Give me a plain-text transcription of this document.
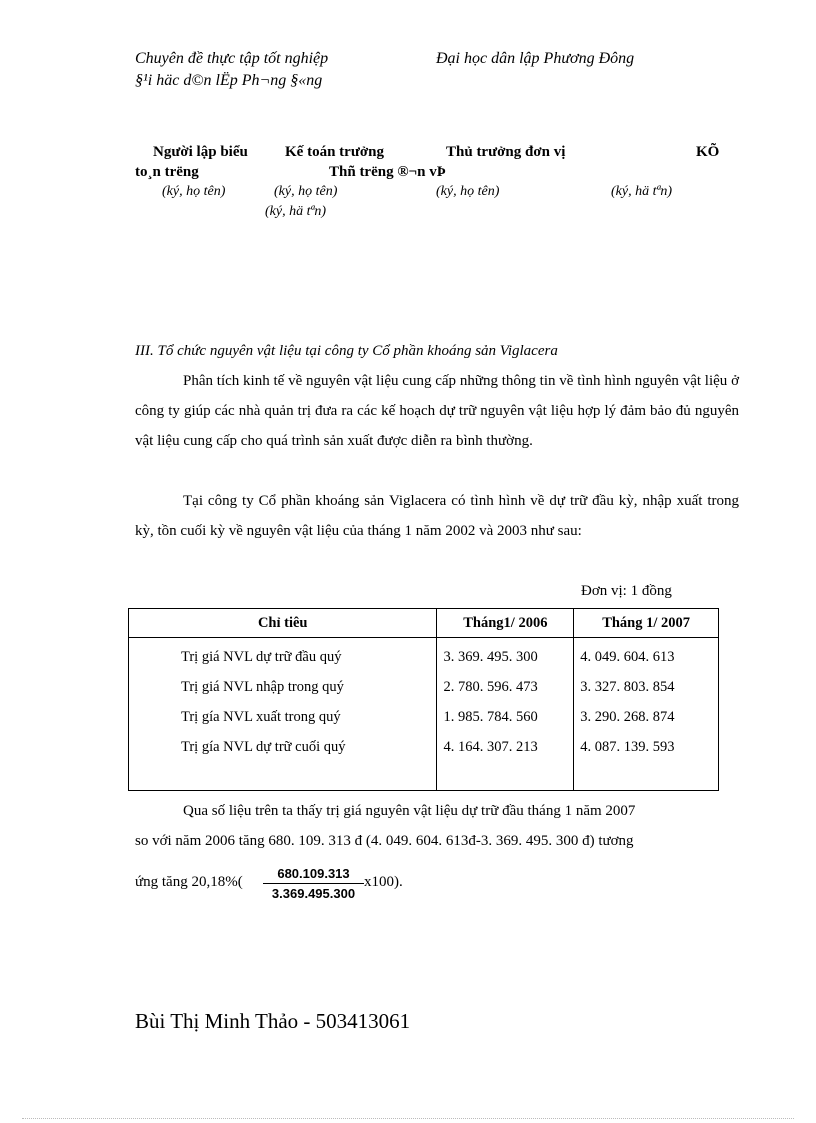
Chuyên đề thực tập tốt nghiệp	Đại học dân lập Phương Đông
§¹i häc d©n lËp Ph¬ng §«ng
Người lập biểu Kế toán trưởng	Thủ trưởng đơn vị	KÕ
to¸n trëng	Thñ trëng ®¬n vÞ
(ký, họ tên)	(ký, họ tên)	(ký, họ tên)	(ký, hä tªn)
(ký, hä tªn)
III. Tổ chức nguyên vật liệu tại công ty Cổ phần khoáng sản Viglacera
Phân tích kinh tế về nguyên vật liệu cung cấp những thông tin về tình hình nguyên vật liệu ở công ty giúp các nhà quản trị đưa ra các kế hoạch dự trữ nguyên vật liệu hợp lý đảm bảo đủ nguyên vật liệu cung cấp cho quá trình sản xuất được diễn ra bình thường.
Tại công ty Cổ phần khoáng sản Viglacera có tình hình về dự trữ đầu kỳ, nhập xuất trong kỳ, tồn cuối kỳ về nguyên vật liệu của tháng 1 năm 2002 và 2003 như sau:
Đơn vị: 1 đồng
Chỉ tiêu	Tháng1/ 2006	Tháng 1/ 2007
Trị giá NVL dự trữ đầu quý	3. 369. 495. 300	4. 049. 604. 613
Trị giá NVL nhập trong quý	2. 780. 596. 473	3. 327. 803. 854
Trị gía NVL xuất trong quý	1. 985. 784. 560	3. 290. 268. 874
Trị gía NVL dự trữ cuối quý	4. 164. 307. 213	4. 087. 139. 593

Qua số liệu trên ta thấy trị giá nguyên vật liệu dự trữ đầu tháng 1 năm 2007
so với năm 2006 tăng 680. 109. 313 đ (4. 049. 604. 613đ-3. 369. 495. 300 đ) tương
ứng tăng $20,18\%( \frac{680.109.313}{3.369.495.300} x100)$.
Bùi Thị Minh Thảo - 503413061
